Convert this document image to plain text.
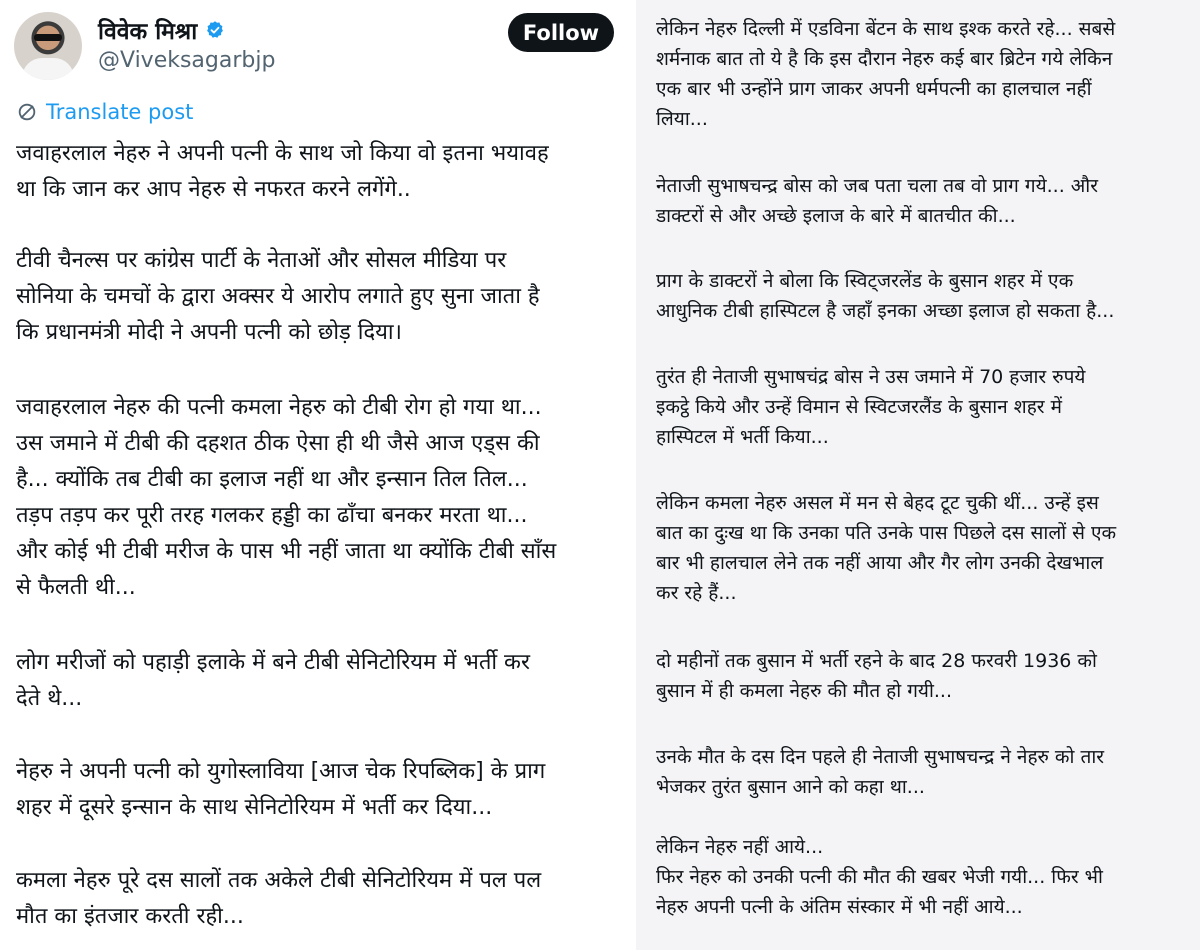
विवेक मिश्रा
@Viveksagarbjp
Follow
Translate post

जवाहरलाल नेहरु ने अपनी पत्नी के साथ जो किया वो इतना भयावह
था कि जान कर आप नेहरु से नफरत करने लगेंगे..

टीवी चैनल्स पर कांग्रेस पार्टी के नेताओं और सोसल मीडिया पर
सोनिया के चमचों के द्वारा अक्सर ये आरोप लगाते हुए सुना जाता है
कि प्रधानमंत्री मोदी ने अपनी पत्नी को छोड़ दिया।

जवाहरलाल नेहरु की पत्नी कमला नेहरु को टीबी रोग हो गया था...
उस जमाने में टीबी की दहशत ठीक ऐसा ही थी जैसे आज एड्स की
है... क्योंकि तब टीबी का इलाज नहीं था और इन्सान तिल तिल...
तड़प तड़प कर पूरी तरह गलकर हड्डी का ढाँचा बनकर मरता था...
और कोई भी टीबी मरीज के पास भी नहीं जाता था क्योंकि टीबी साँस
से फैलती थी...

लोग मरीजों को पहाड़ी इलाके में बने टीबी सेनिटोरियम में भर्ती कर
देते थे...

नेहरु ने अपनी पत्नी को युगोस्लाविया [आज चेक रिपब्लिक] के प्राग
शहर में दूसरे इन्सान के साथ सेनिटोरियम में भर्ती कर दिया...

कमला नेहरु पूरे दस सालों तक अकेले टीबी सेनिटोरियम में पल पल
मौत का इंतजार करती रही...

लेकिन नेहरु दिल्ली में एडविना बेंटन के साथ इश्क करते रहे... सबसे
शर्मनाक बात तो ये है कि इस दौरान नेहरु कई बार ब्रिटेन गये लेकिन
एक बार भी उन्होंने प्राग जाकर अपनी धर्मपत्नी का हालचाल नहीं
लिया...

नेताजी सुभाषचन्द्र बोस को जब पता चला तब वो प्राग गये... और
डाक्टरों से और अच्छे इलाज के बारे में बातचीत की...

प्राग के डाक्टरों ने बोला कि स्विट्जरलेंड के बुसान शहर में एक
आधुनिक टीबी हास्पिटल है जहाँ इनका अच्छा इलाज हो सकता है...

तुरंत ही नेताजी सुभाषचंद्र बोस ने उस जमाने में 70 हजार रुपये
इकट्ठे किये और उन्हें विमान से स्विटजरलैंड के बुसान शहर में
हास्पिटल में भर्ती किया...

लेकिन कमला नेहरु असल में मन से बेहद टूट चुकी थीं... उन्हें इस
बात का दुःख था कि उनका पति उनके पास पिछले दस सालों से एक
बार भी हालचाल लेने तक नहीं आया और गैर लोग उनकी देखभाल
कर रहे हैं...

दो महीनों तक बुसान में भर्ती रहने के बाद 28 फरवरी 1936 को
बुसान में ही कमला नेहरु की मौत हो गयी...

उनके मौत के दस दिन पहले ही नेताजी सुभाषचन्द्र ने नेहरु को तार
भेजकर तुरंत बुसान आने को कहा था...

लेकिन नेहरु नहीं आये...
फिर नेहरु को उनकी पत्नी की मौत की खबर भेजी गयी... फिर भी
नेहरु अपनी पत्नी के अंतिम संस्कार में भी नहीं आये...
